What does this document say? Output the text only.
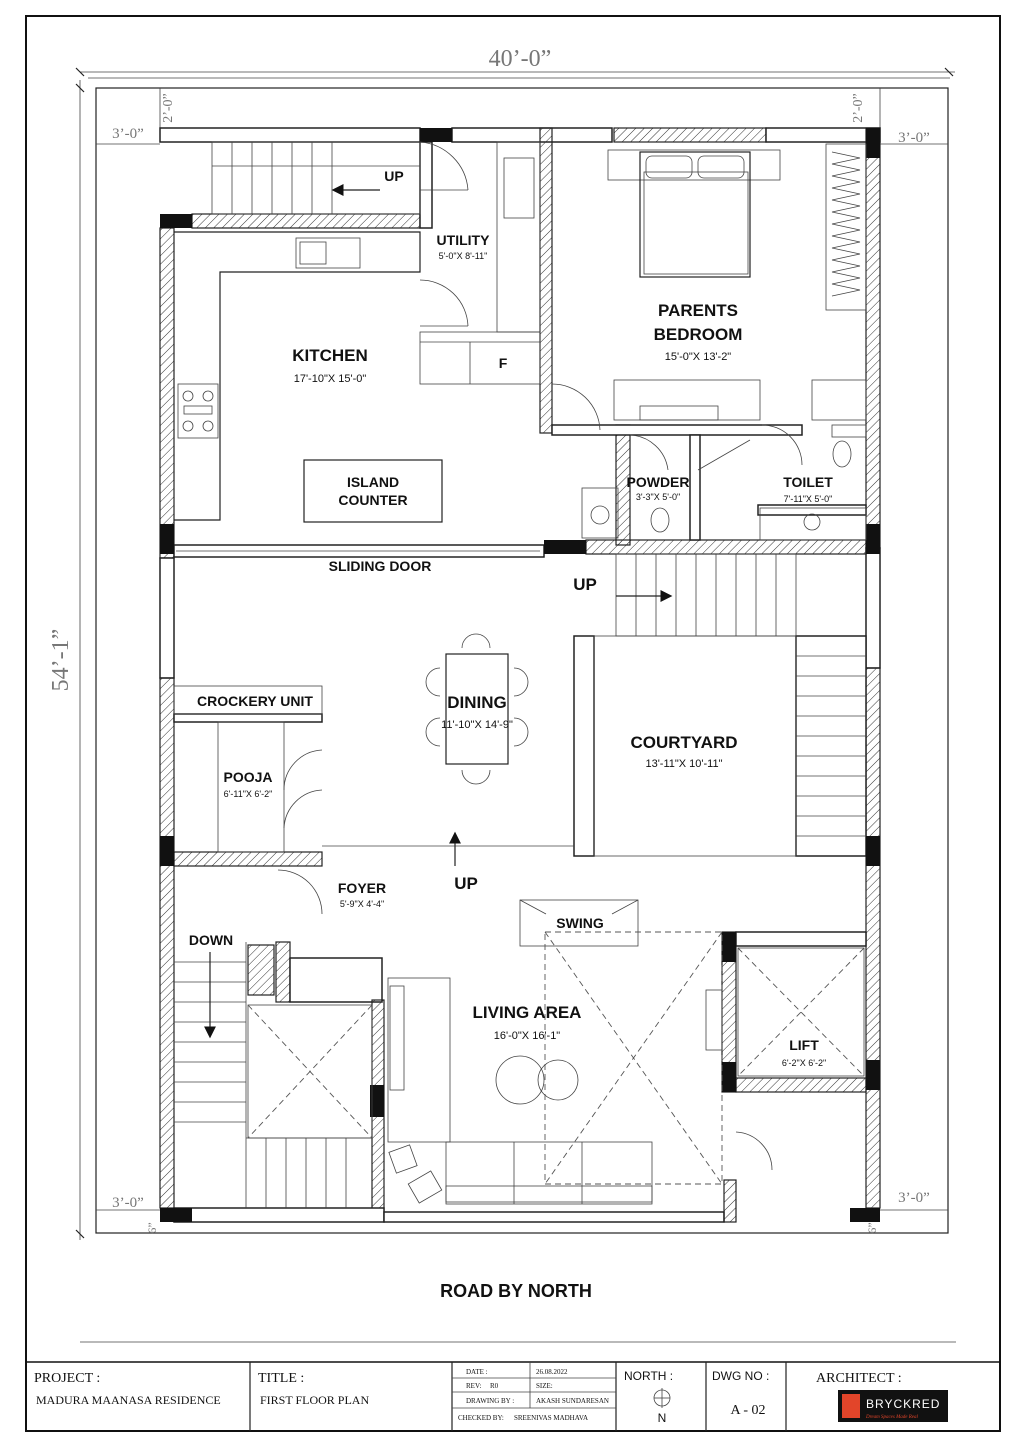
40’-0”
54’-1”
3’-0”	3’-0”
3’-0”	3’-0”
2’-0”	2’-0”
6”	6”
UP
UTILITY
5'-0"X 8'-11"
F
KITCHEN
17'-10"X 15'-0"
PARENTS
BEDROOM
15'-0"X 13'-2"
ISLAND
COUNTER
POWDER
3'-3"X 5'-0"
TOILET
7'-11"X 5'-0"
SLIDING DOOR
UP
DINING
11'-10"X 14'-9"
CROCKERY UNIT
POOJA
6'-11"X 6'-2"
COURTYARD
13'-11"X 10'-11"
FOYER
5'-9"X 4'-4"
UP
DOWN
SWING
LIVING AREA
16'-0"X 16'-1"
LIFT
6'-2"X 6'-2"
ROAD BY NORTH
PROJECT :
MADURA MAANASA RESIDENCE
TITLE :
FIRST FLOOR PLAN
DATE :	26.08.2022
REV: R0	SIZE:
DRAWING BY :	AKASH SUNDARESAN
CHECKED BY: SREENIVAS MADHAVA
NORTH :
N
DWG NO :
A - 02
ARCHITECT :
BRYCKRED
Dream Spaces Made Real
